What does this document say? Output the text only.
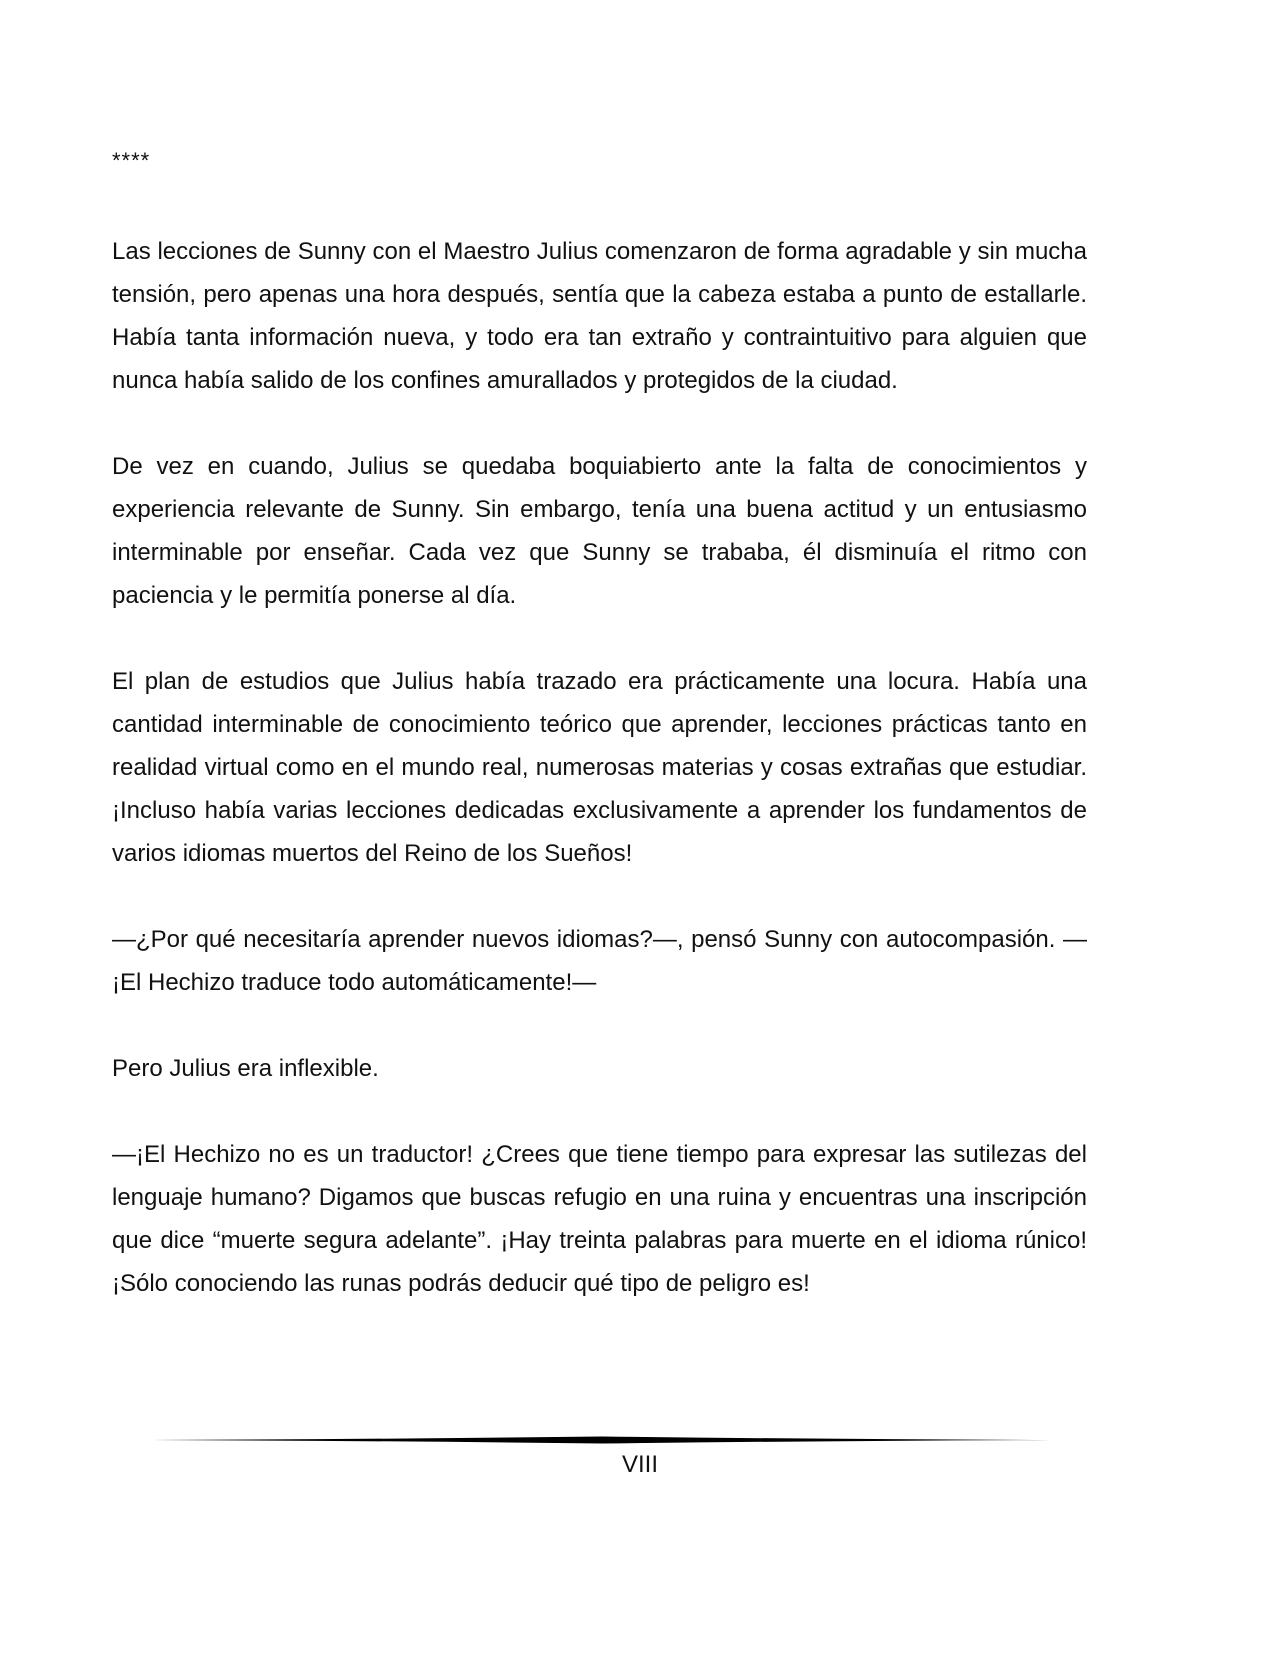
****

Las lecciones de Sunny con el Maestro Julius comenzaron de forma agradable y sin mucha tensión, pero apenas una hora después, sentía que la cabeza estaba a punto de estallarle. Había tanta información nueva, y todo era tan extraño y contraintuitivo para alguien que nunca había salido de los confines amurallados y protegidos de la ciudad.

De vez en cuando, Julius se quedaba boquiabierto ante la falta de conocimientos y experiencia relevante de Sunny. Sin embargo, tenía una buena actitud y un entusiasmo interminable por enseñar. Cada vez que Sunny se trababa, él disminuía el ritmo con paciencia y le permitía ponerse al día.

El plan de estudios que Julius había trazado era prácticamente una locura. Había una cantidad interminable de conocimiento teórico que aprender, lecciones prácticas tanto en realidad virtual como en el mundo real, numerosas materias y cosas extrañas que estudiar. ¡Incluso había varias lecciones dedicadas exclusivamente a aprender los fundamentos de varios idiomas muertos del Reino de los Sueños!

—¿Por qué necesitaría aprender nuevos idiomas?—, pensó Sunny con autocompasión. —¡El Hechizo traduce todo automáticamente!—

Pero Julius era inflexible.

—¡El Hechizo no es un traductor! ¿Crees que tiene tiempo para expresar las sutilezas del lenguaje humano? Digamos que buscas refugio en una ruina y encuentras una inscripción que dice “muerte segura adelante”. ¡Hay treinta palabras para muerte en el idioma rúnico! ¡Sólo conociendo las runas podrás deducir qué tipo de peligro es!

VIII
